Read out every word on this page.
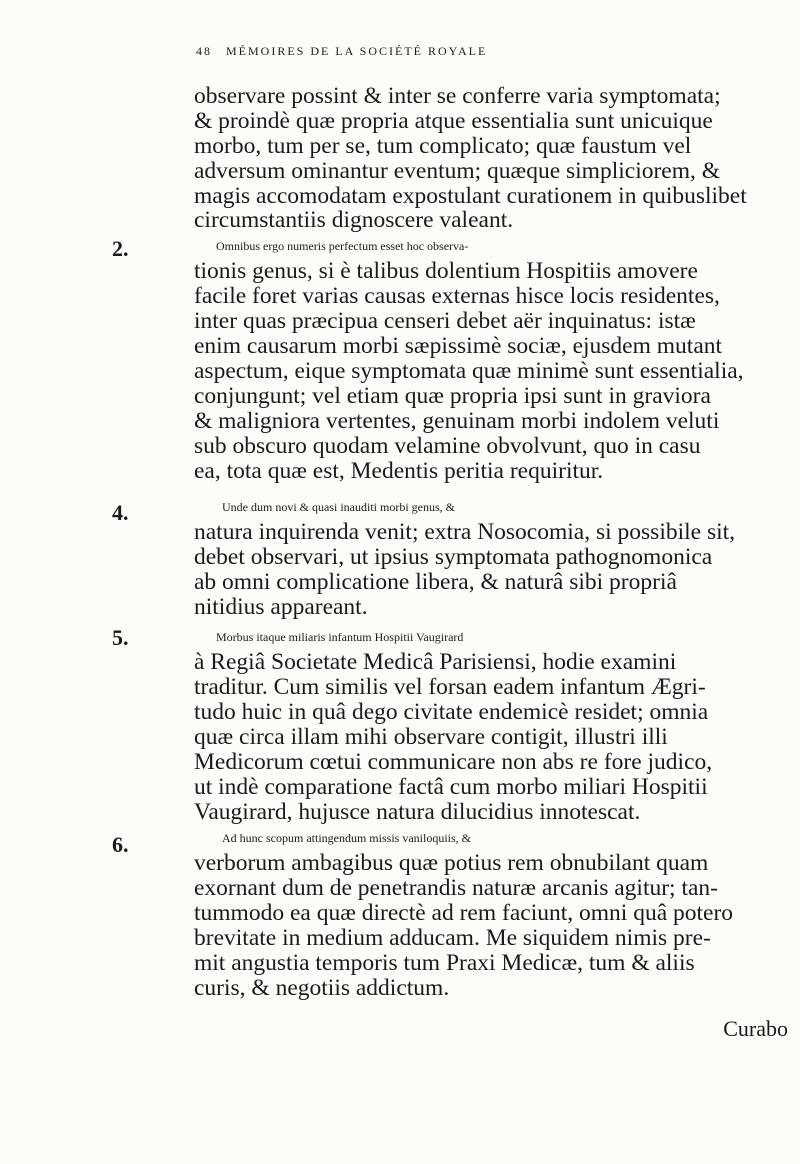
48 MÉMOIRES DE LA SOCIÉTÉ ROYALE
observare possint & inter se conferre varia symptomata;
& proindè quæ propria atque essentialia sunt unicuique
morbo, tum per se, tum complicato; quæ faustum vel
adversum ominantur eventum; quæque simpliciorem, &
magis accomodatam expostulant curationem in quibuslibet
circumstantiis dignoscere valeant.
2.	Omnibus ergo numeris perfectum esset hoc observa-
tionis genus, si è talibus dolentium Hospitiis amovere
facile foret varias causas externas hisce locis residentes,
inter quas præcipua censeri debet aër inquinatus: istæ
enim causarum morbi sæpissimè sociæ, ejusdem mutant
aspectum, eique symptomata quæ minimè sunt essentialia,
conjungunt; vel etiam quæ propria ipsi sunt in graviora
& maligniora vertentes, genuinam morbi indolem veluti
sub obscuro quodam velamine obvolvunt, quo in casu
ea, tota quæ est, Medentis peritia requiritur.
4.	Unde dum novi & quasi inauditi morbi genus, &
natura inquirenda venit; extra Nosocomia, si possibile sit,
debet observari, ut ipsius symptomata pathognomonica
ab omni complicatione libera, & naturâ sibi propriâ
nitidius appareant.
5.	Morbus itaque miliaris infantum Hospitii Vaugirard
à Regiâ Societate Medicâ Parisiensi, hodie examini
traditur. Cum similis vel forsan eadem infantum Ægri-
tudo huic in quâ dego civitate endemicè residet; omnia
quæ circa illam mihi observare contigit, illustri illi
Medicorum cœtui communicare non abs re fore judico,
ut indè comparatione factâ cum morbo miliari Hospitii
Vaugirard, hujusce natura dilucidius innotescat.
6.	Ad hunc scopum attingendum missis vaniloquiis, &
verborum ambagibus quæ potius rem obnubilant quam
exornant dum de penetrandis naturæ arcanis agitur; tan-
tummodo ea quæ directè ad rem faciunt, omni quâ potero
brevitate in medium adducam. Me siquidem nimis pre-
mit angustia temporis tum Praxi Medicæ, tum & aliis
curis, & negotiis addictum.
Curabo
